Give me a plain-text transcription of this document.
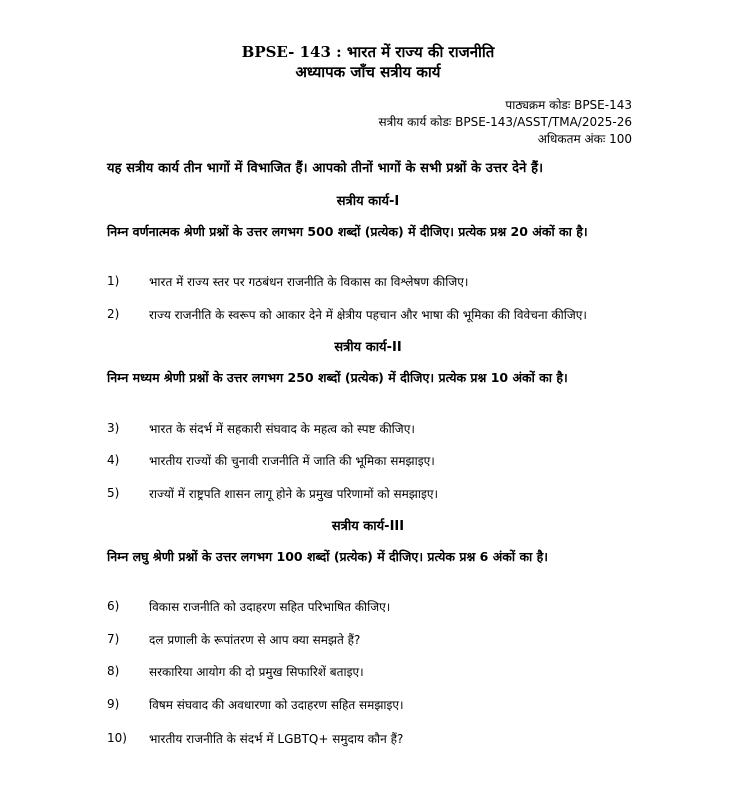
BPSE- 143 : भारत में राज्य की राजनीति
अध्यापक जाँच सत्रीय कार्य
पाठ्यक्रम कोडः BPSE-143
सत्रीय कार्य कोडः BPSE-143/ASST/TMA/2025-26
अधिकतम अंकः 100
यह सत्रीय कार्य तीन भागों में विभाजित हैं। आपको तीनों भागों के सभी प्रश्नों के उत्तर देने हैं।
सत्रीय कार्य-I
निम्न वर्णनात्मक श्रेणी प्रश्नों के उत्तर लगभग 500 शब्दों (प्रत्येक) में दीजिए। प्रत्येक प्रश्न 20 अंकों का है।
1) भारत में राज्य स्तर पर गठबंधन राजनीति के विकास का विश्लेषण कीजिए।
2) राज्य राजनीति के स्वरूप को आकार देने में क्षेत्रीय पहचान और भाषा की भूमिका की विवेचना कीजिए।
सत्रीय कार्य-II
निम्न मध्यम श्रेणी प्रश्नों के उत्तर लगभग 250 शब्दों (प्रत्येक) में दीजिए। प्रत्येक प्रश्न 10 अंकों का है।
3) भारत के संदर्भ में सहकारी संघवाद के महत्व को स्पष्ट कीजिए।
4) भारतीय राज्यों की चुनावी राजनीति में जाति की भूमिका समझाइए।
5) राज्यों में राष्ट्रपति शासन लागू होने के प्रमुख परिणामों को समझाइए।
सत्रीय कार्य-III
निम्न लघु श्रेणी प्रश्नों के उत्तर लगभग 100 शब्दों (प्रत्येक) में दीजिए। प्रत्येक प्रश्न 6 अंकों का है।
6) विकास राजनीति को उदाहरण सहित परिभाषित कीजिए।
7) दल प्रणाली के रूपांतरण से आप क्या समझते हैं?
8) सरकारिया आयोग की दो प्रमुख सिफारिशें बताइए।
9) विषम संघवाद की अवधारणा को उदाहरण सहित समझाइए।
10) भारतीय राजनीति के संदर्भ में LGBTQ+ समुदाय कौन हैं?
